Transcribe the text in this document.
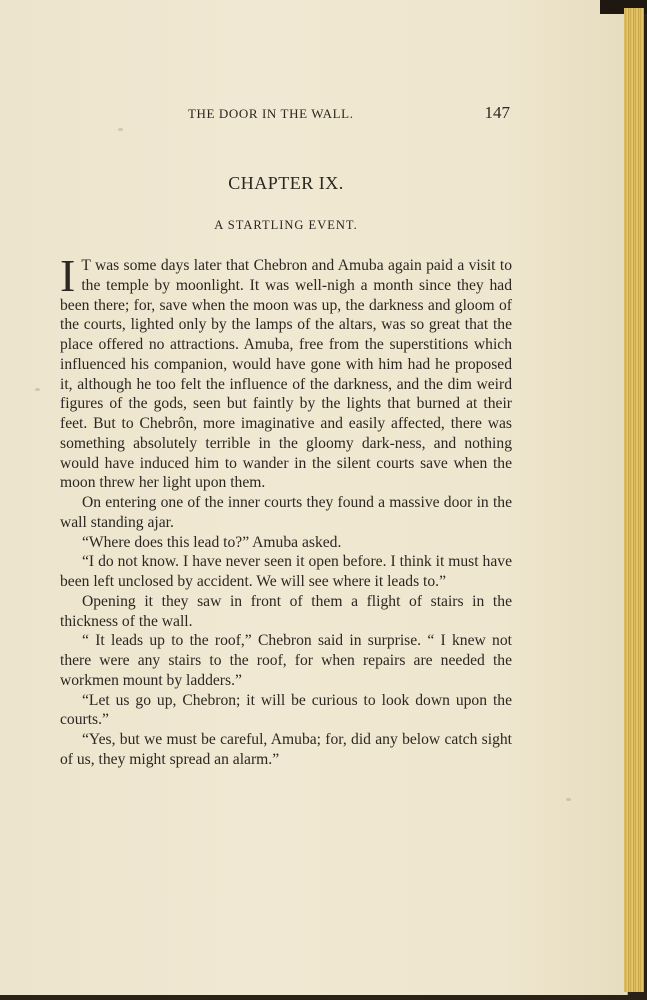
THE DOOR IN THE WALL.	147
CHAPTER IX.
A STARTLING EVENT.

I T was some days later that Chebron and Amuba again paid a visit to the temple by moonlight. It was well-nigh a month since they had been there; for, save when the moon was up, the darkness and gloom of the courts, lighted only by the lamps of the altars, was so great that the place offered no attractions. Amuba, free from the superstitions which influenced his companion, would have gone with him had he proposed it, although he too felt the influence of the darkness, and the dim weird figures of the gods, seen but faintly by the lights that burned at their feet. But to Chebrôn, more imaginative and easily affected, there was something absolutely terrible in the gloomy dark-ness, and nothing would have induced him to wander in the silent courts save when the moon threw her light upon them.

On entering one of the inner courts they found a massive door in the wall standing ajar.

“Where does this lead to?” Amuba asked.

“I do not know. I have never seen it open before. I think it must have been left unclosed by accident. We will see where it leads to.”

Opening it they saw in front of them a flight of stairs in the thickness of the wall.

“ It leads up to the roof,” Chebron said in surprise. “ I knew not there were any stairs to the roof, for when repairs are needed the workmen mount by ladders.”

“Let us go up, Chebron; it will be curious to look down upon the courts.”

“Yes, but we must be careful, Amuba; for, did any below catch sight of us, they might spread an alarm.”
